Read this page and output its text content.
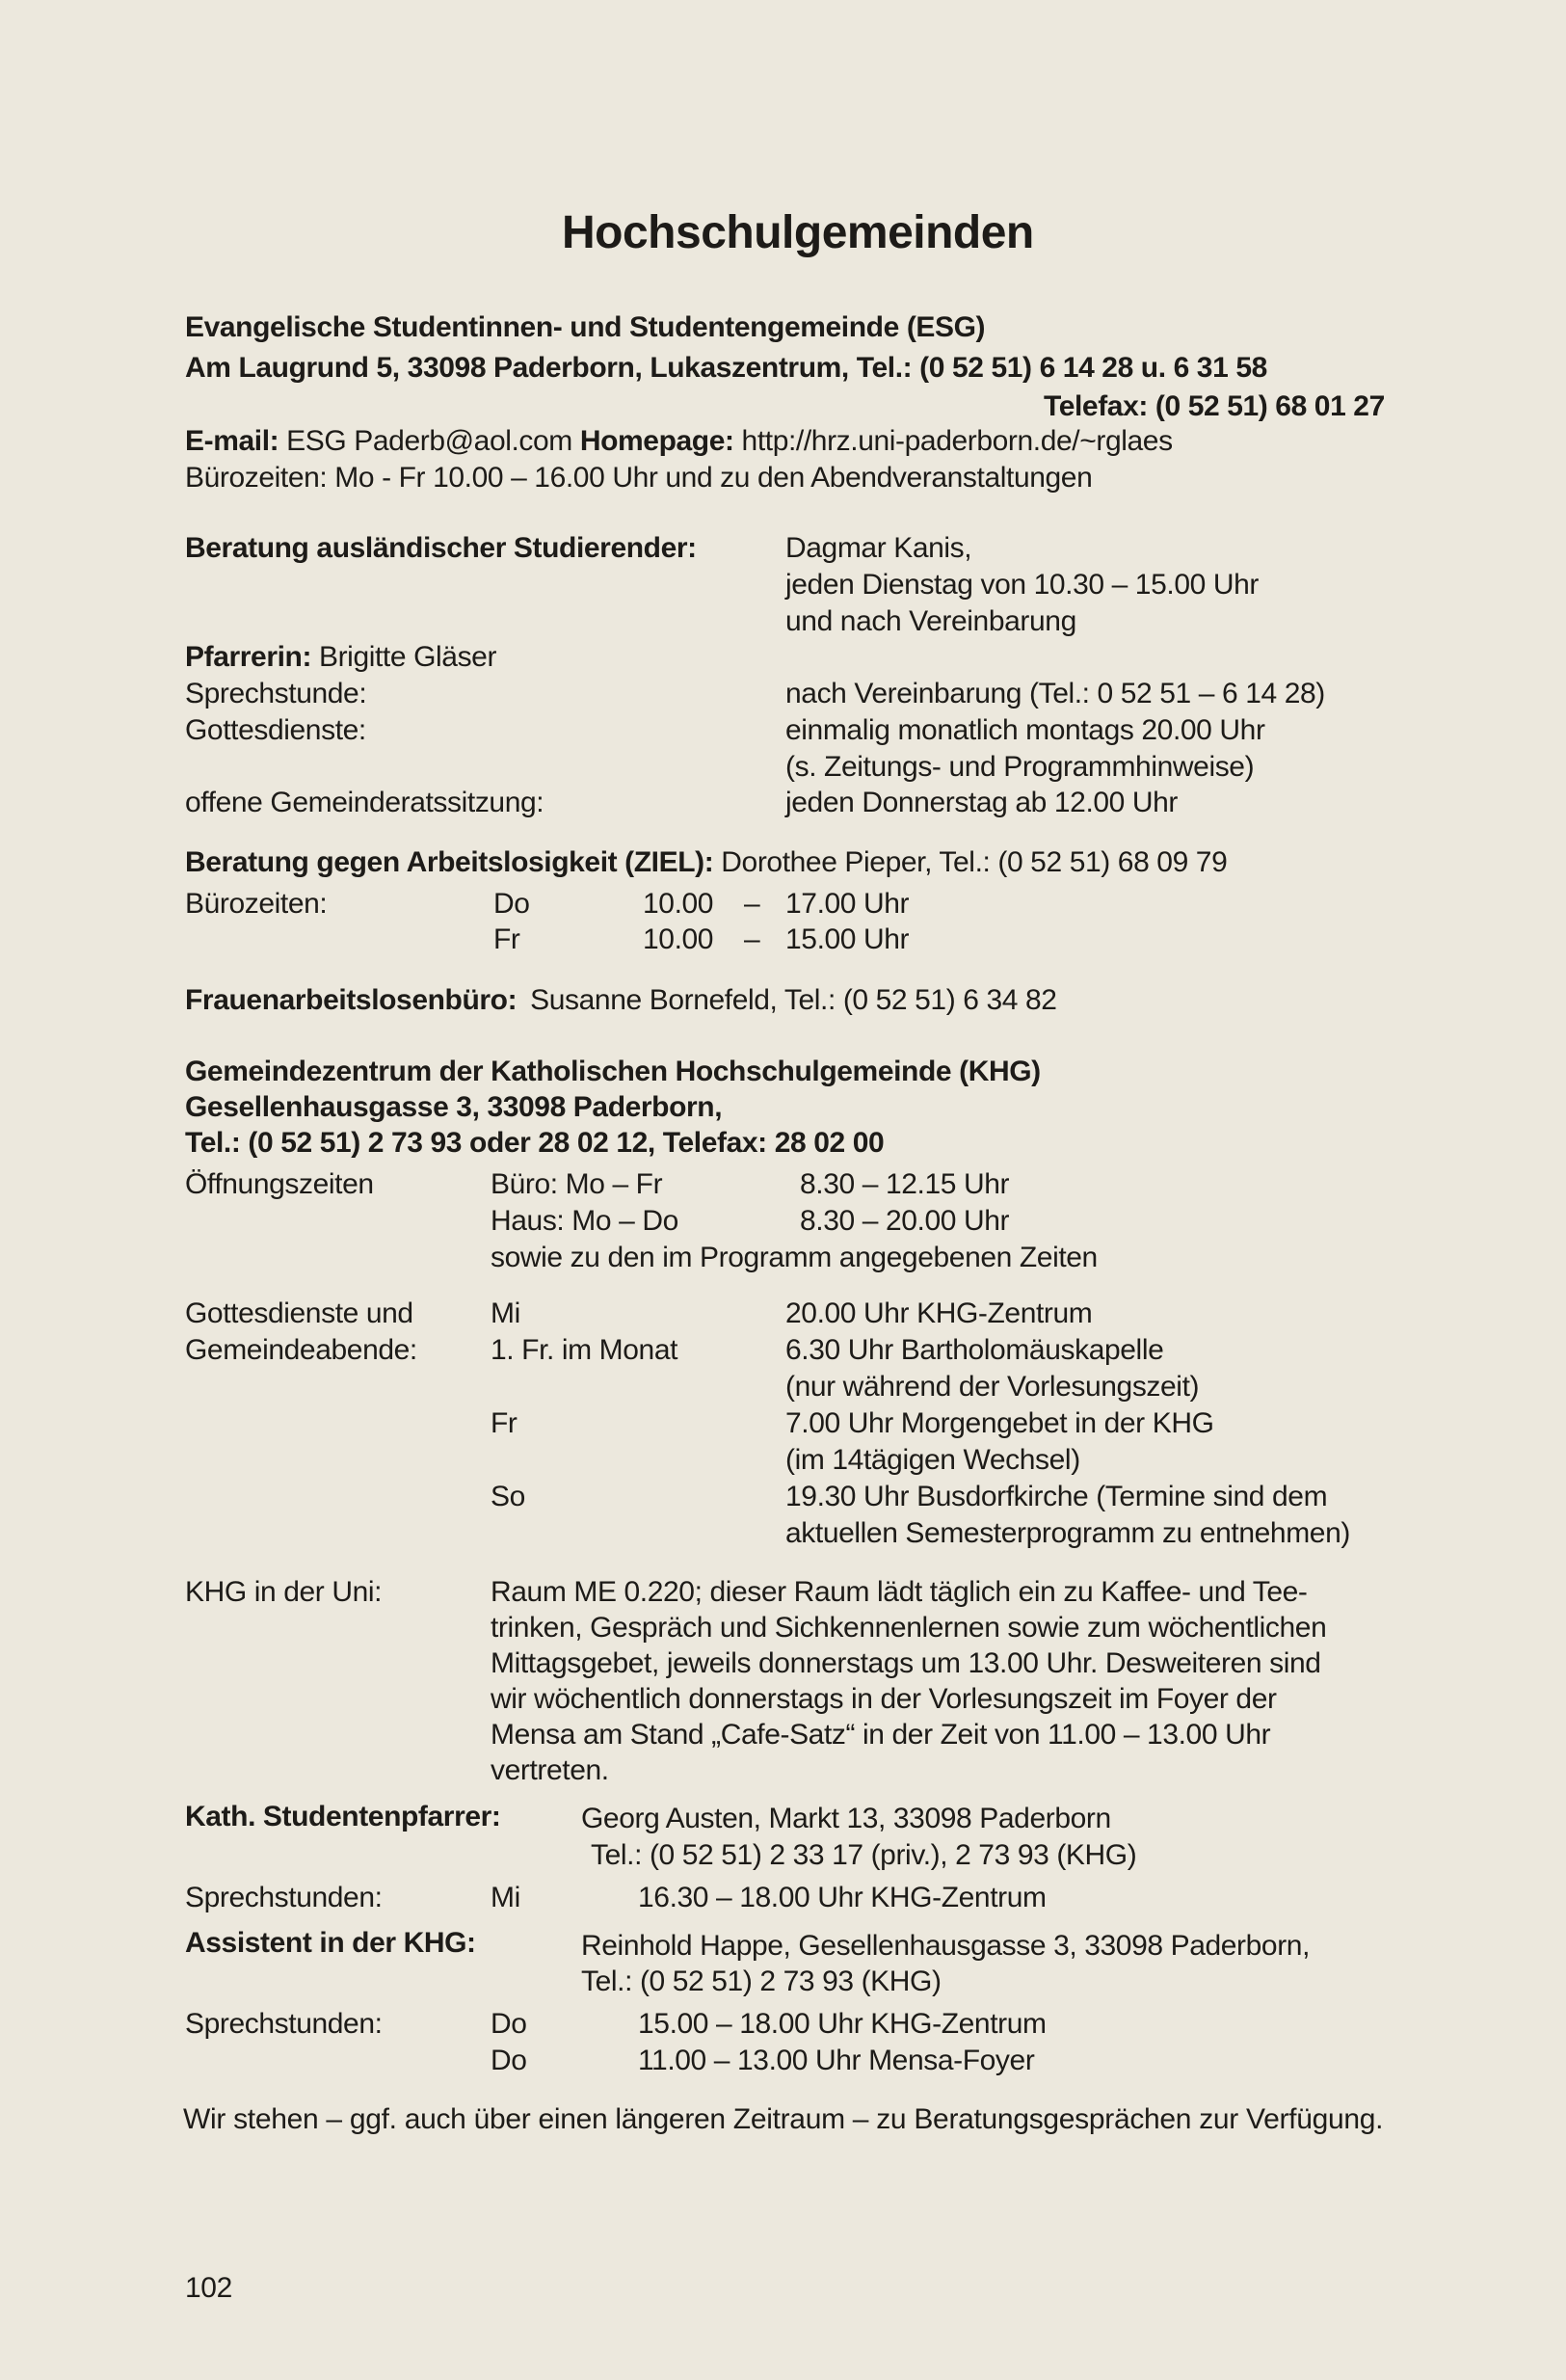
Hochschulgemeinden
Evangelische Studentinnen- und Studentengemeinde (ESG)
Am Laugrund 5, 33098 Paderborn, Lukaszentrum, Tel.: (0 52 51) 6 14 28 u. 6 31 58
Telefax: (0 52 51) 68 01 27
E-mail: ESG Paderb@aol.com Homepage: http://hrz.uni-paderborn.de/~rglaes
Bürozeiten: Mo - Fr 10.00 – 16.00 Uhr und zu den Abendveranstaltungen
Beratung ausländischer Studierender:	Dagmar Kanis,
jeden Dienstag von 10.30 – 15.00 Uhr
und nach Vereinbarung
Pfarrerin: Brigitte Gläser
Sprechstunde:	nach Vereinbarung (Tel.: 0 52 51 – 6 14 28)
Gottesdienste:	einmalig monatlich montags 20.00 Uhr
(s. Zeitungs- und Programmhinweise)
offene Gemeinderatssitzung:	jeden Donnerstag ab 12.00 Uhr
Beratung gegen Arbeitslosigkeit (ZIEL): Dorothee Pieper, Tel.: (0 52 51) 68 09 79
Bürozeiten:	Do	10.00 – 17.00 Uhr
Fr	10.00 – 15.00 Uhr
Frauenarbeitslosenbüro: Susanne Bornefeld, Tel.: (0 52 51) 6 34 82
Gemeindezentrum der Katholischen Hochschulgemeinde (KHG)
Gesellenhausgasse 3, 33098 Paderborn,
Tel.: (0 52 51) 2 73 93 oder 28 02 12, Telefax: 28 02 00
Öffnungszeiten	Büro: Mo – Fr	8.30 – 12.15 Uhr
Haus: Mo – Do	8.30 – 20.00 Uhr
sowie zu den im Programm angegebenen Zeiten
Gottesdienste und
Gemeindeabende:
Mi	20.00 Uhr KHG-Zentrum
1. Fr. im Monat	6.30 Uhr Bartholomäuskapelle
(nur während der Vorlesungszeit)
Fr	7.00 Uhr Morgengebet in der KHG
(im 14tägigen Wechsel)
So	19.30 Uhr Busdorfkirche (Termine sind dem
aktuellen Semesterprogramm zu entnehmen)
KHG in der Uni:	Raum ME 0.220; dieser Raum lädt täglich ein zu Kaffee- und Tee-
trinken, Gespräch und Sichkennenlernen sowie zum wöchentlichen
Mittagsgebet, jeweils donnerstags um 13.00 Uhr. Desweiteren sind
wir wöchentlich donnerstags in der Vorlesungszeit im Foyer der
Mensa am Stand „Cafe-Satz“ in der Zeit von 11.00 – 13.00 Uhr
vertreten.
Kath. Studentenpfarrer:	Georg Austen, Markt 13, 33098 Paderborn
Tel.: (0 52 51) 2 33 17 (priv.), 2 73 93 (KHG)
Sprechstunden:	Mi	16.30 – 18.00 Uhr KHG-Zentrum
Assistent in der KHG:	Reinhold Happe, Gesellenhausgasse 3, 33098 Paderborn,
Tel.: (0 52 51) 2 73 93 (KHG)
Sprechstunden:	Do	15.00 – 18.00 Uhr KHG-Zentrum
Do	11.00 – 13.00 Uhr Mensa-Foyer
Wir stehen – ggf. auch über einen längeren Zeitraum – zu Beratungsgesprächen zur Verfügung.
102
